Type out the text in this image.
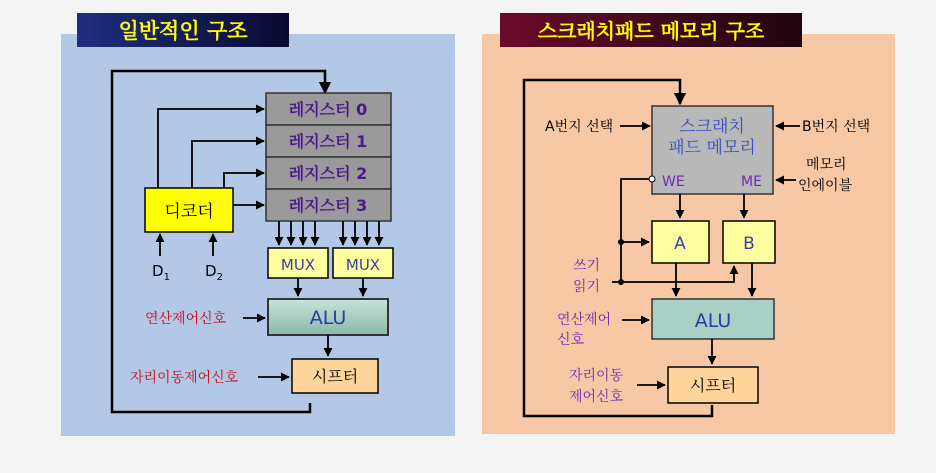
일반적인 구조
레지스터 0
레지스터 1
레지스터 2
레지스터 3
디코더
$D_1$ $D_2$
MUX MUX
ALU
연산제어신호
시프터
자리이동제어신호
스크래치패드 메모리 구조
스크래치
패드 메모리
WE	ME
A번지 선택	B번지 선택
메모리
인에이블
A	B
쓰기
읽기
ALU
연산제어
신호
시프터
자리이동
제어신호
